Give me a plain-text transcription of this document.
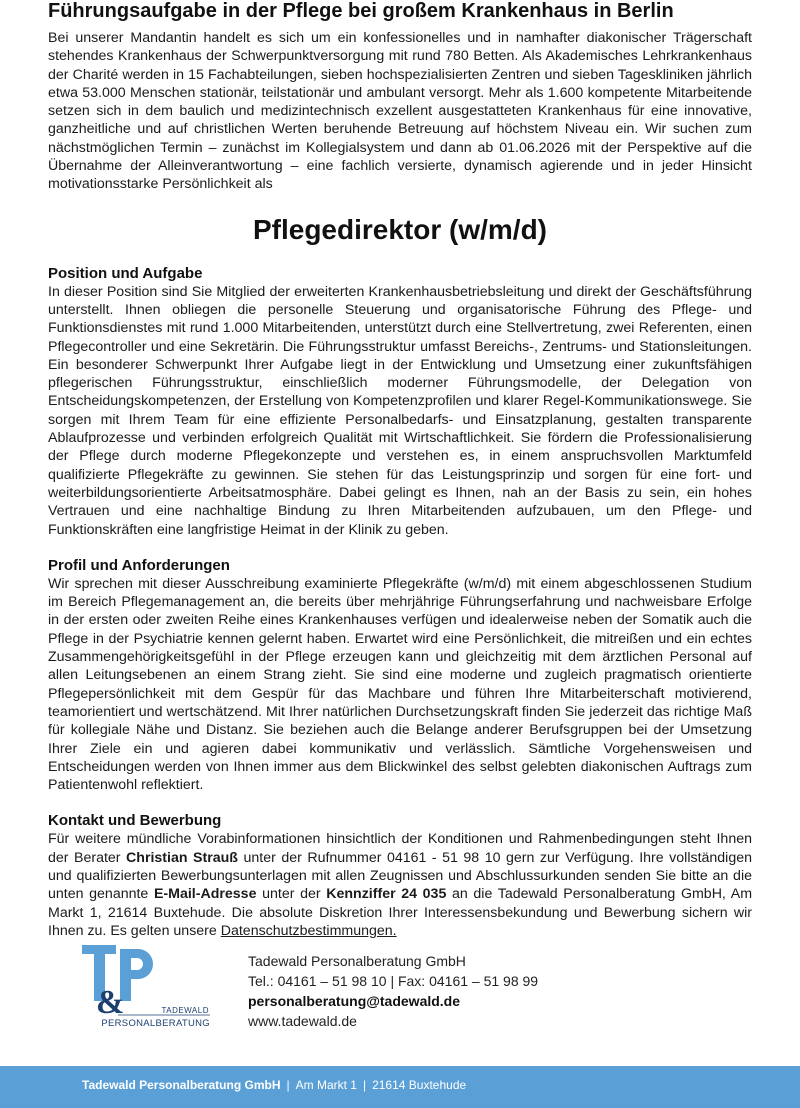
Führungsaufgabe in der Pflege bei großem Krankenhaus in Berlin

Bei unserer Mandantin handelt es sich um ein konfessionelles und in namhafter diakonischer Trägerschaft stehendes Krankenhaus der Schwerpunktversorgung mit rund 780 Betten. Als Akademisches Lehrkrankenhaus der Charité werden in 15 Fachabteilungen, sieben hochspezialisierten Zentren und sieben Tageskliniken jährlich etwa 53.000 Menschen stationär, teilstationär und ambulant versorgt. Mehr als 1.600 kompetente Mitarbeitende setzen sich in dem baulich und medizintechnisch exzellent ausgestatteten Krankenhaus für eine innovative, ganzheitliche und auf christlichen Werten beruhende Betreuung auf höchstem Niveau ein. Wir suchen zum nächstmöglichen Termin – zunächst im Kollegialsystem und dann ab 01.06.2026 mit der Perspektive auf die Übernahme der Alleinverantwortung – eine fachlich versierte, dynamisch agierende und in jeder Hinsicht motivationsstarke Persönlichkeit als

Pflegedirektor (w/m/d)
Position und Aufgabe

In dieser Position sind Sie Mitglied der erweiterten Krankenhausbetriebsleitung und direkt der Geschäftsführung unterstellt. Ihnen obliegen die personelle Steuerung und organisatorische Führung des Pflege- und Funktionsdienstes mit rund 1.000 Mitarbeitenden, unterstützt durch eine Stellvertretung, zwei Referenten, einen Pflegecontroller und eine Sekretärin. Die Führungsstruktur umfasst Bereichs-, Zentrums- und Stationsleitungen. Ein besonderer Schwerpunkt Ihrer Aufgabe liegt in der Entwicklung und Umsetzung einer zukunftsfähigen pflegerischen Führungsstruktur, einschließlich moderner Führungsmodelle, der Delegation von Entscheidungskompetenzen, der Erstellung von Kompetenzprofilen und klarer Regel-Kommunikationswege. Sie sorgen mit Ihrem Team für eine effiziente Personalbedarfs- und Einsatzplanung, gestalten transparente Ablaufprozesse und verbinden erfolgreich Qualität mit Wirtschaftlichkeit. Sie fördern die Professionalisierung der Pflege durch moderne Pflegekonzepte und verstehen es, in einem anspruchsvollen Marktumfeld qualifizierte Pflegekräfte zu gewinnen. Sie stehen für das Leistungsprinzip und sorgen für eine fort- und weiterbildungsorientierte Arbeitsatmosphäre. Dabei gelingt es Ihnen, nah an der Basis zu sein, ein hohes Vertrauen und eine nachhaltige Bindung zu Ihren Mitarbeitenden aufzubauen, um den Pflege- und Funktionskräften eine langfristige Heimat in der Klinik zu geben.

Profil und Anforderungen

Wir sprechen mit dieser Ausschreibung examinierte Pflegekräfte (w/m/d) mit einem abgeschlossenen Studium im Bereich Pflegemanagement an, die bereits über mehrjährige Führungserfahrung und nachweisbare Erfolge in der ersten oder zweiten Reihe eines Krankenhauses verfügen und idealerweise neben der Somatik auch die Pflege in der Psychiatrie kennen gelernt haben. Erwartet wird eine Persönlichkeit, die mitreißen und ein echtes Zusammengehörigkeitsgefühl in der Pflege erzeugen kann und gleichzeitig mit dem ärztlichen Personal auf allen Leitungsebenen an einem Strang zieht. Sie sind eine moderne und zugleich pragmatisch orientierte Pflegepersönlichkeit mit dem Gespür für das Machbare und führen Ihre Mitarbeiterschaft motivierend, teamorientiert und wertschätzend. Mit Ihrer natürlichen Durchsetzungskraft finden Sie jederzeit das richtige Maß für kollegiale Nähe und Distanz. Sie beziehen auch die Belange anderer Berufsgruppen bei der Umsetzung Ihrer Ziele ein und agieren dabei kommunikativ und verlässlich. Sämtliche Vorgehensweisen und Entscheidungen werden von Ihnen immer aus dem Blickwinkel des selbst gelebten diakonischen Auftrags zum Patientenwohl reflektiert.

Kontakt und Bewerbung

Für weitere mündliche Vorabinformationen hinsichtlich der Konditionen und Rahmenbedingungen steht Ihnen der Berater Christian Strauß unter der Rufnummer 04161 - 51 98 10 gern zur Verfügung. Ihre vollständigen und qualifizierten Bewerbungsunterlagen mit allen Zeugnissen und Abschlussurkunden senden Sie bitte an die unten genannte E-Mail-Adresse unter der Kennziffer 24 035 an die Tadewald Personalberatung GmbH, Am Markt 1, 21614 Buxtehude. Die absolute Diskretion Ihrer Interessensbekundung und Bewerbung sichern wir Ihnen zu. Es gelten unsere Datenschutzbestimmungen.

&	TADEWALD
PERSONALBERATUNG
Tadewald Personalberatung GmbH
Tel.: 04161 – 51 98 10 | Fax: 04161 – 51 98 99
personalberatung@tadewald.de
www.tadewald.de
Tadewald Personalberatung GmbH | Am Markt 1 | 21614 Buxtehude
